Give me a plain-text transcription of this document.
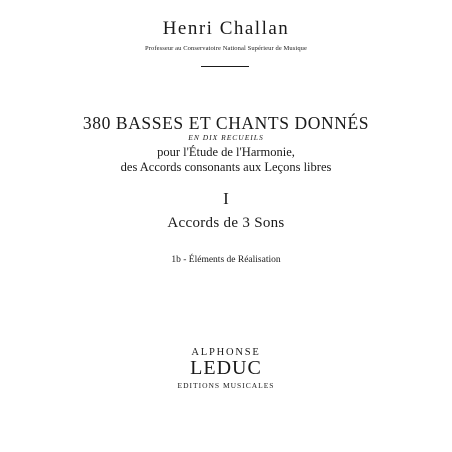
Henri Challan
Professeur au Conservatoire National Supérieur de Musique
380 BASSES ET CHANTS DONNÉS
EN DIX RECUEILS
pour l'Étude de l'Harmonie,
des Accords consonants aux Leçons libres
I
Accords de 3 Sons
1b - Éléments de Réalisation
ALPHONSE
LEDUC
EDITIONS MUSICALES
